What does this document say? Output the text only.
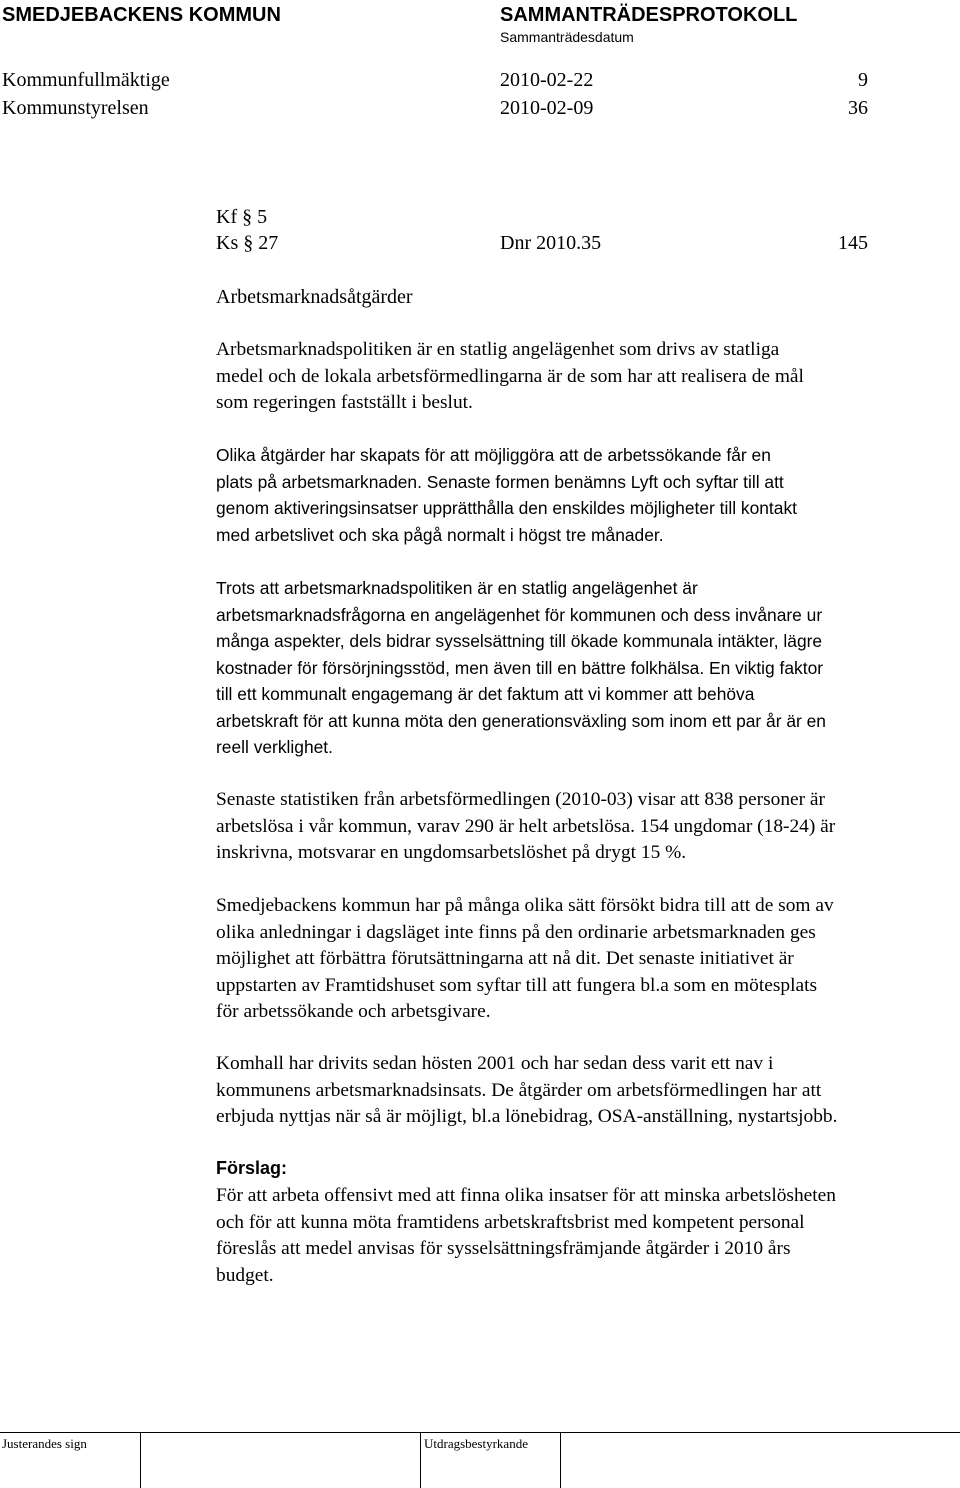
SMEDJEBACKENS KOMMUN	SAMMANTRÄDESPROTOKOLL
Sammanträdesdatum
Kommunfullmäktige	2010-02-22	9
Kommunstyrelsen	2010-02-09	36
Kf § 5
Ks § 27	Dnr 2010.35	145
Arbetsmarknadsåtgärder
Arbetsmarknadspolitiken är en statlig angelägenhet som drivs av statliga
medel och de lokala arbetsförmedlingarna är de som har att realisera de mål
som regeringen fastställt i beslut.
Olika åtgärder har skapats för att möjliggöra att de arbetssökande får en
plats på arbetsmarknaden. Senaste formen benämns Lyft och syftar till att
genom aktiveringsinsatser upprätthålla den enskildes möjligheter till kontakt
med arbetslivet och ska pågå normalt i högst tre månader.
Trots att arbetsmarknadspolitiken är en statlig angelägenhet är
arbetsmarknadsfrågorna en angelägenhet för kommunen och dess invånare ur
många aspekter, dels bidrar sysselsättning till ökade kommunala intäkter, lägre
kostnader för försörjningsstöd, men även till en bättre folkhälsa. En viktig faktor
till ett kommunalt engagemang är det faktum att vi kommer att behöva
arbetskraft för att kunna möta den generationsväxling som inom ett par år är en
reell verklighet.
Senaste statistiken från arbetsförmedlingen (2010-03) visar att 838 personer är
arbetslösa i vår kommun, varav 290 är helt arbetslösa. 154 ungdomar (18-24) är
inskrivna, motsvarar en ungdomsarbetslöshet på drygt 15 %.
Smedjebackens kommun har på många olika sätt försökt bidra till att de som av
olika anledningar i dagsläget inte finns på den ordinarie arbetsmarknaden ges
möjlighet att förbättra förutsättningarna att nå dit. Det senaste initiativet är
uppstarten av Framtidshuset som syftar till att fungera bl.a som en mötesplats
för arbetssökande och arbetsgivare.
Komhall har drivits sedan hösten 2001 och har sedan dess varit ett nav i
kommunens arbetsmarknadsinsats. De åtgärder om arbetsförmedlingen har att
erbjuda nyttjas när så är möjligt, bl.a lönebidrag, OSA-anställning, nystartsjobb.
Förslag:
För att arbeta offensivt med att finna olika insatser för att minska arbetslösheten
och för att kunna möta framtidens arbetskraftsbrist med kompetent personal
föreslås att medel anvisas för sysselsättningsfrämjande åtgärder i 2010 års
budget.
Justerandes sign	Utdragsbestyrkande
